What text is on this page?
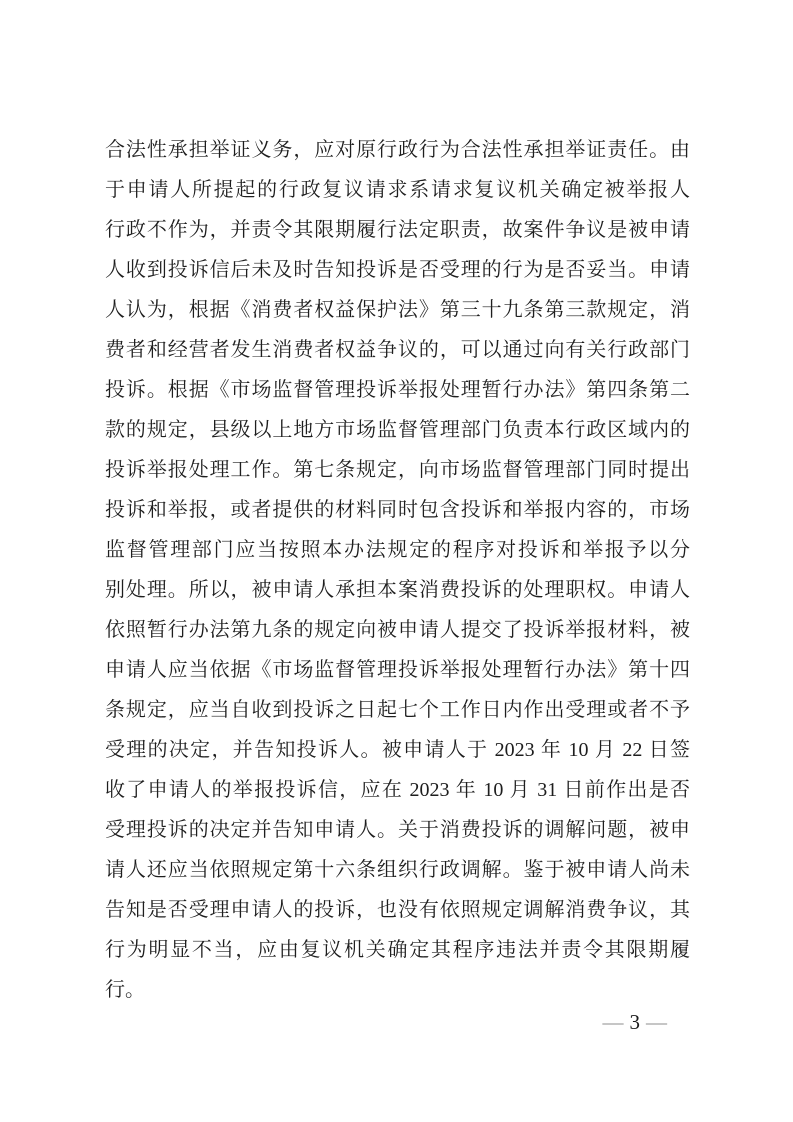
合法性承担举证义务，应对原行政行为合法性承担举证责任。由
于申请人所提起的行政复议请求系请求复议机关确定被举报人
行政不作为，并责令其限期履行法定职责，故案件争议是被申请
人收到投诉信后未及时告知投诉是否受理的行为是否妥当。申请
人认为，根据《消费者权益保护法》第三十九条第三款规定，消
费者和经营者发生消费者权益争议的，可以通过向有关行政部门
投诉。根据《市场监督管理投诉举报处理暂行办法》第四条第二
款的规定，县级以上地方市场监督管理部门负责本行政区域内的
投诉举报处理工作。第七条规定，向市场监督管理部门同时提出
投诉和举报，或者提供的材料同时包含投诉和举报内容的，市场
监督管理部门应当按照本办法规定的程序对投诉和举报予以分
别处理。所以，被申请人承担本案消费投诉的处理职权。申请人
依照暂行办法第九条的规定向被申请人提交了投诉举报材料，被
申请人应当依据《市场监督管理投诉举报处理暂行办法》第十四
条规定，应当自收到投诉之日起七个工作日内作出受理或者不予
受理的决定，并告知投诉人。被申请人于 2023 年 10 月 22 日签
收了申请人的举报投诉信，应在 2023 年 10 月 31 日前作出是否
受理投诉的决定并告知申请人。关于消费投诉的调解问题，被申
请人还应当依照规定第十六条组织行政调解。鉴于被申请人尚未
告知是否受理申请人的投诉，也没有依照规定调解消费争议，其
行为明显不当，应由复议机关确定其程序违法并责令其限期履
行。
— 3 —
